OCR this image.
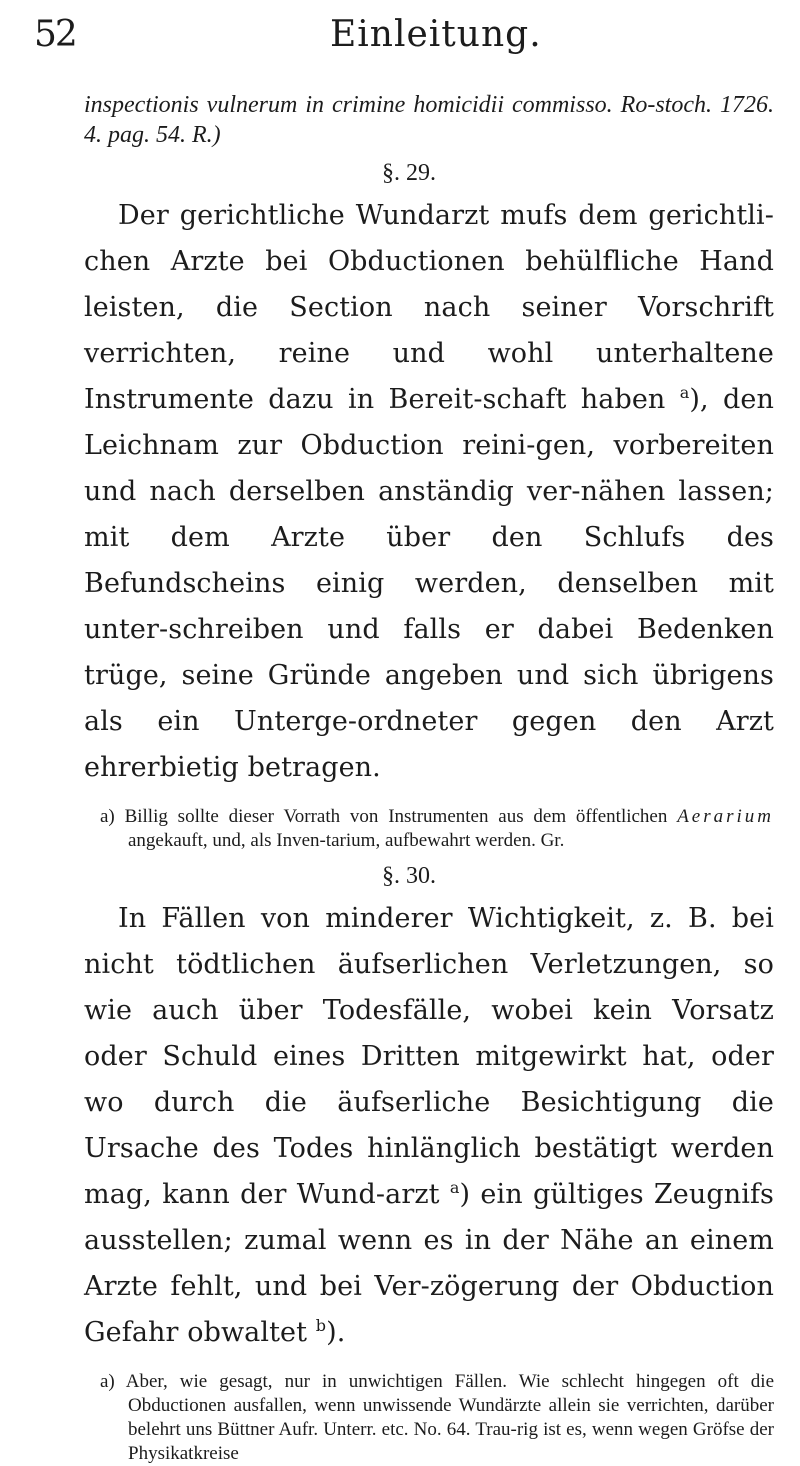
52	Einleitung.

inspectionis vulnerum in crimine homicidii commisso. Ro-stoch. 1726. 4. pag. 54. R.)

§. 29.

Der gerichtliche Wundarzt mufs dem gerichtli-chen Arzte bei Obductionen behülfliche Hand leisten, die Section nach seiner Vorschrift verrichten, reine und wohl unterhaltene Instrumente dazu in Bereit-schaft haben $^a$), den Leichnam zur Obduction reini-gen, vorbereiten und nach derselben anständig ver-nähen lassen; mit dem Arzte über den Schlufs des Befundscheins einig werden, denselben mit unter-schreiben und falls er dabei Bedenken trüge, seine Gründe angeben und sich übrigens als ein Unterge-ordneter gegen den Arzt ehrerbietig betragen.

a) Billig sollte dieser Vorrath von Instrumenten aus dem öffentlichen Aerarium angekauft, und, als Inven-tarium, aufbewahrt werden. Gr.

§. 30.

In Fällen von minderer Wichtigkeit, z. B. bei nicht tödtlichen äufserlichen Verletzungen, so wie auch über Todesfälle, wobei kein Vorsatz oder Schuld eines Dritten mitgewirkt hat, oder wo durch die äufserliche Besichtigung die Ursache des Todes hinlänglich bestätigt werden mag, kann der Wund-arzt $^a$) ein gültiges Zeugnifs ausstellen; zumal wenn es in der Nähe an einem Arzte fehlt, und bei Ver-zögerung der Obduction Gefahr obwaltet $^b$).

a) Aber, wie gesagt, nur in unwichtigen Fällen. Wie schlecht hingegen oft die Obductionen ausfallen, wenn unwissende Wundärzte allein sie verrichten, darüber belehrt uns Büttner Aufr. Unterr. etc. No. 64. Trau-rig ist es, wenn wegen Gröfse der Physikatkreise
